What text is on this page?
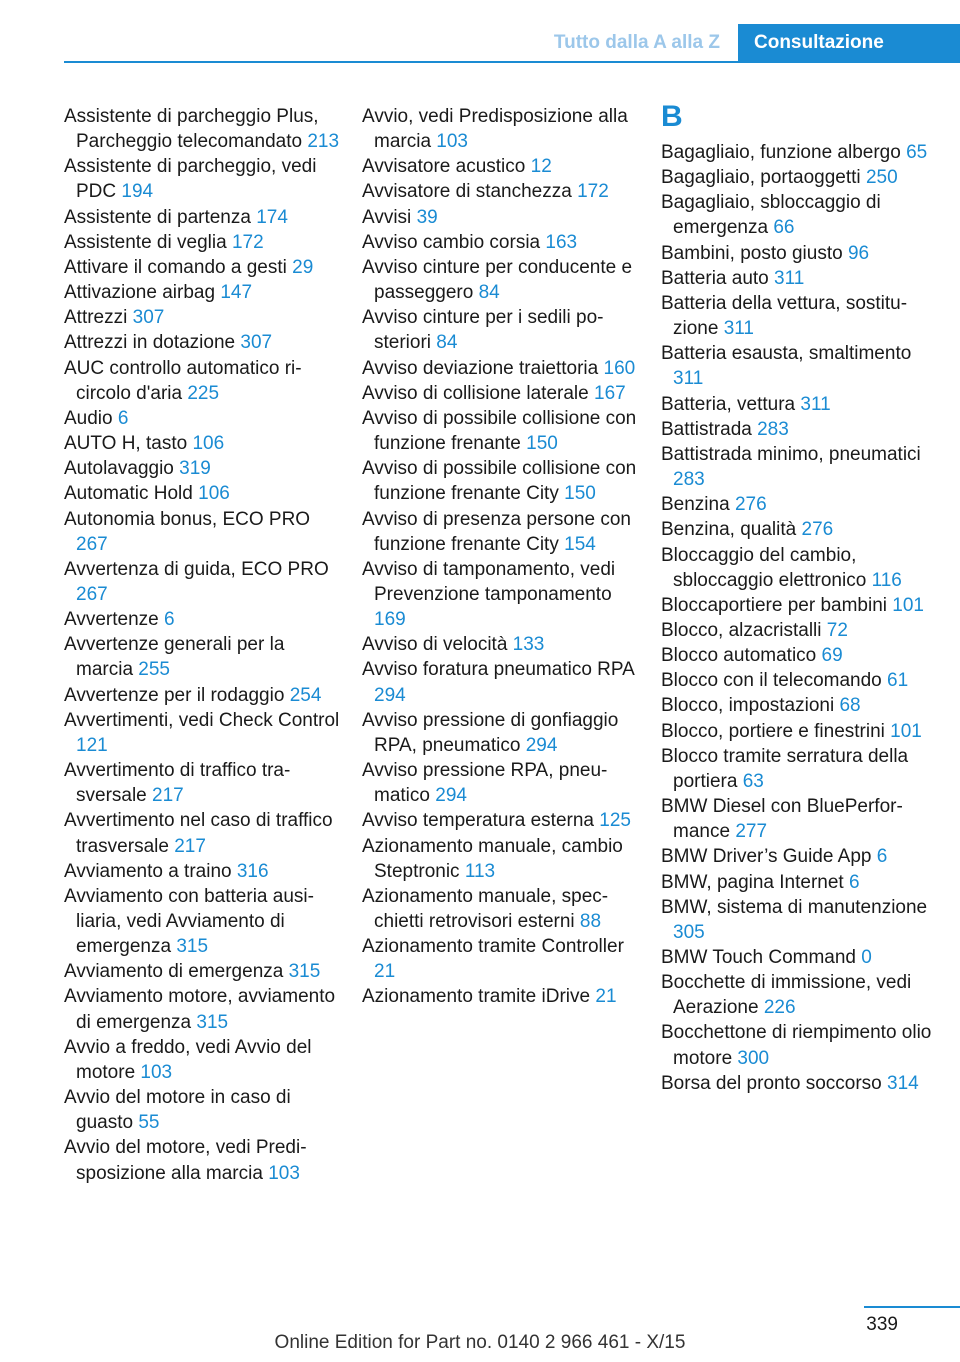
Tutto dalla A alla Z	Consultazione
Assistente di parcheggio Plus, Parcheggio telecomandato 213
Assistente di parcheggio, vedi PDC 194
Assistente di partenza 174
Assistente di veglia 172
Attivare il comando a gesti 29
Attivazione airbag 147
Attrezzi 307
Attrezzi in dotazione 307
AUC controllo automatico ricircolo d'aria 225
Audio 6
AUTO H, tasto 106
Autolavaggio 319
Automatic Hold 106
Autonomia bonus, ECO PRO 267
Avvertenza di guida, ECO PRO 267
Avvertenze 6
Avvertenze generali per la marcia 255
Avvertenze per il rodaggio 254
Avvertimenti, vedi Check Control 121
Avvertimento di traffico trasversale 217
Avvertimento nel caso di traffico trasversale 217
Avviamento a traino 316
Avviamento con batteria ausiliaria, vedi Avviamento di emergenza 315
Avviamento di emergenza 315
Avviamento motore, avviamento di emergenza 315
Avvio a freddo, vedi Avvio del motore 103
Avvio del motore in caso di guasto 55
Avvio del motore, vedi Predisposizione alla marcia 103
Avvio, vedi Predisposizione alla marcia 103
Avvisatore acustico 12
Avvisatore di stanchezza 172
Avvisi 39
Avviso cambio corsia 163
Avviso cinture per conducente e passeggero 84
Avviso cinture per i sedili posteriori 84
Avviso deviazione traiettoria 160
Avviso di collisione laterale 167
Avviso di possibile collisione con funzione frenante 150
Avviso di possibile collisione con funzione frenante City 150
Avviso di presenza persone con funzione frenante City 154
Avviso di tamponamento, vedi Prevenzione tamponamento 169
Avviso di velocità 133
Avviso foratura pneumatico RPA 294
Avviso pressione di gonfiaggio RPA, pneumatico 294
Avviso pressione RPA, pneumatico 294
Avviso temperatura esterna 125
Azionamento manuale, cambio Steptronic 113
Azionamento manuale, specchietti retrovisori esterni 88
Azionamento tramite Controller 21
Azionamento tramite iDrive 21
B
Bagagliaio, funzione albergo 65
Bagagliaio, portaoggetti 250
Bagagliaio, sbloccaggio di emergenza 66
Bambini, posto giusto 96
Batteria auto 311
Batteria della vettura, sostituzione 311
Batteria esausta, smaltimento 311
Batteria, vettura 311
Battistrada 283
Battistrada minimo, pneumatici 283
Benzina 276
Benzina, qualità 276
Bloccaggio del cambio, sbloccaggio elettronico 116
Bloccaportiere per bambini 101
Blocco, alzacristalli 72
Blocco automatico 69
Blocco con il telecomando 61
Blocco, impostazioni 68
Blocco, portiere e finestrini 101
Blocco tramite serratura della portiera 63
BMW Diesel con BluePerformance 277
BMW Driver’s Guide App 6
BMW, pagina Internet 6
BMW, sistema di manutenzione 305
BMW Touch Command 0
Bocchette di immissione, vedi Aerazione 226
Bocchettone di riempimento olio motore 300
Borsa del pronto soccorso 314
339
Online Edition for Part no. 0140 2 966 461 - X/15
